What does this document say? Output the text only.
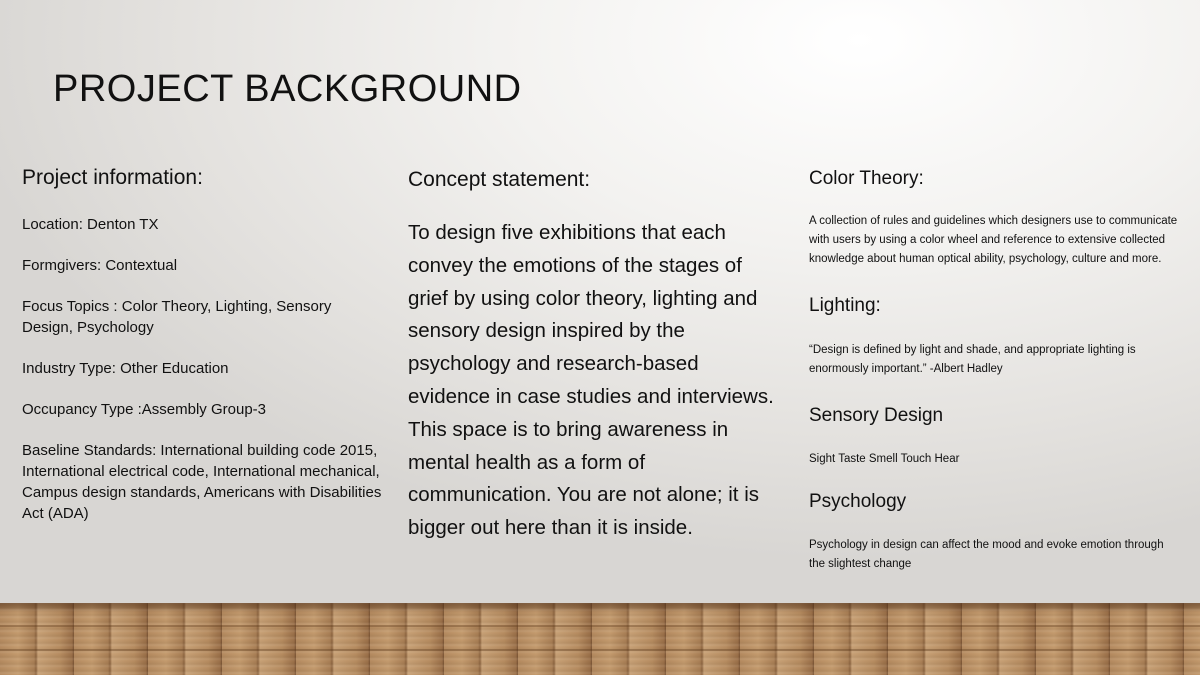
PROJECT BACKGROUND
Project information:
Location: Denton TX
Formgivers: Contextual
Focus Topics : Color Theory, Lighting, Sensory Design, Psychology
Industry Type: Other Education
Occupancy Type :Assembly Group-3
Baseline Standards: International building code 2015, International electrical code, International mechanical, Campus design standards, Americans with Disabilities Act (ADA)
Concept statement:

To design five exhibitions that each convey the emotions of the stages of grief by using color theory, lighting and sensory design inspired by the psychology and research-based evidence in case studies and interviews. This space is to bring awareness in mental health as a form of communication. You are not alone; it is bigger out here than it is inside.

Color Theory:

A collection of rules and guidelines which designers use to communicate with users by using a color wheel and reference to extensive collected knowledge about human optical ability, psychology, culture and more.

Lighting:

“Design is defined by light and shade, and appropriate lighting is enormously important.” -Albert Hadley

Sensory Design

Sight Taste Smell Touch Hear

Psychology

Psychology in design can affect the mood and evoke emotion through the slightest change
